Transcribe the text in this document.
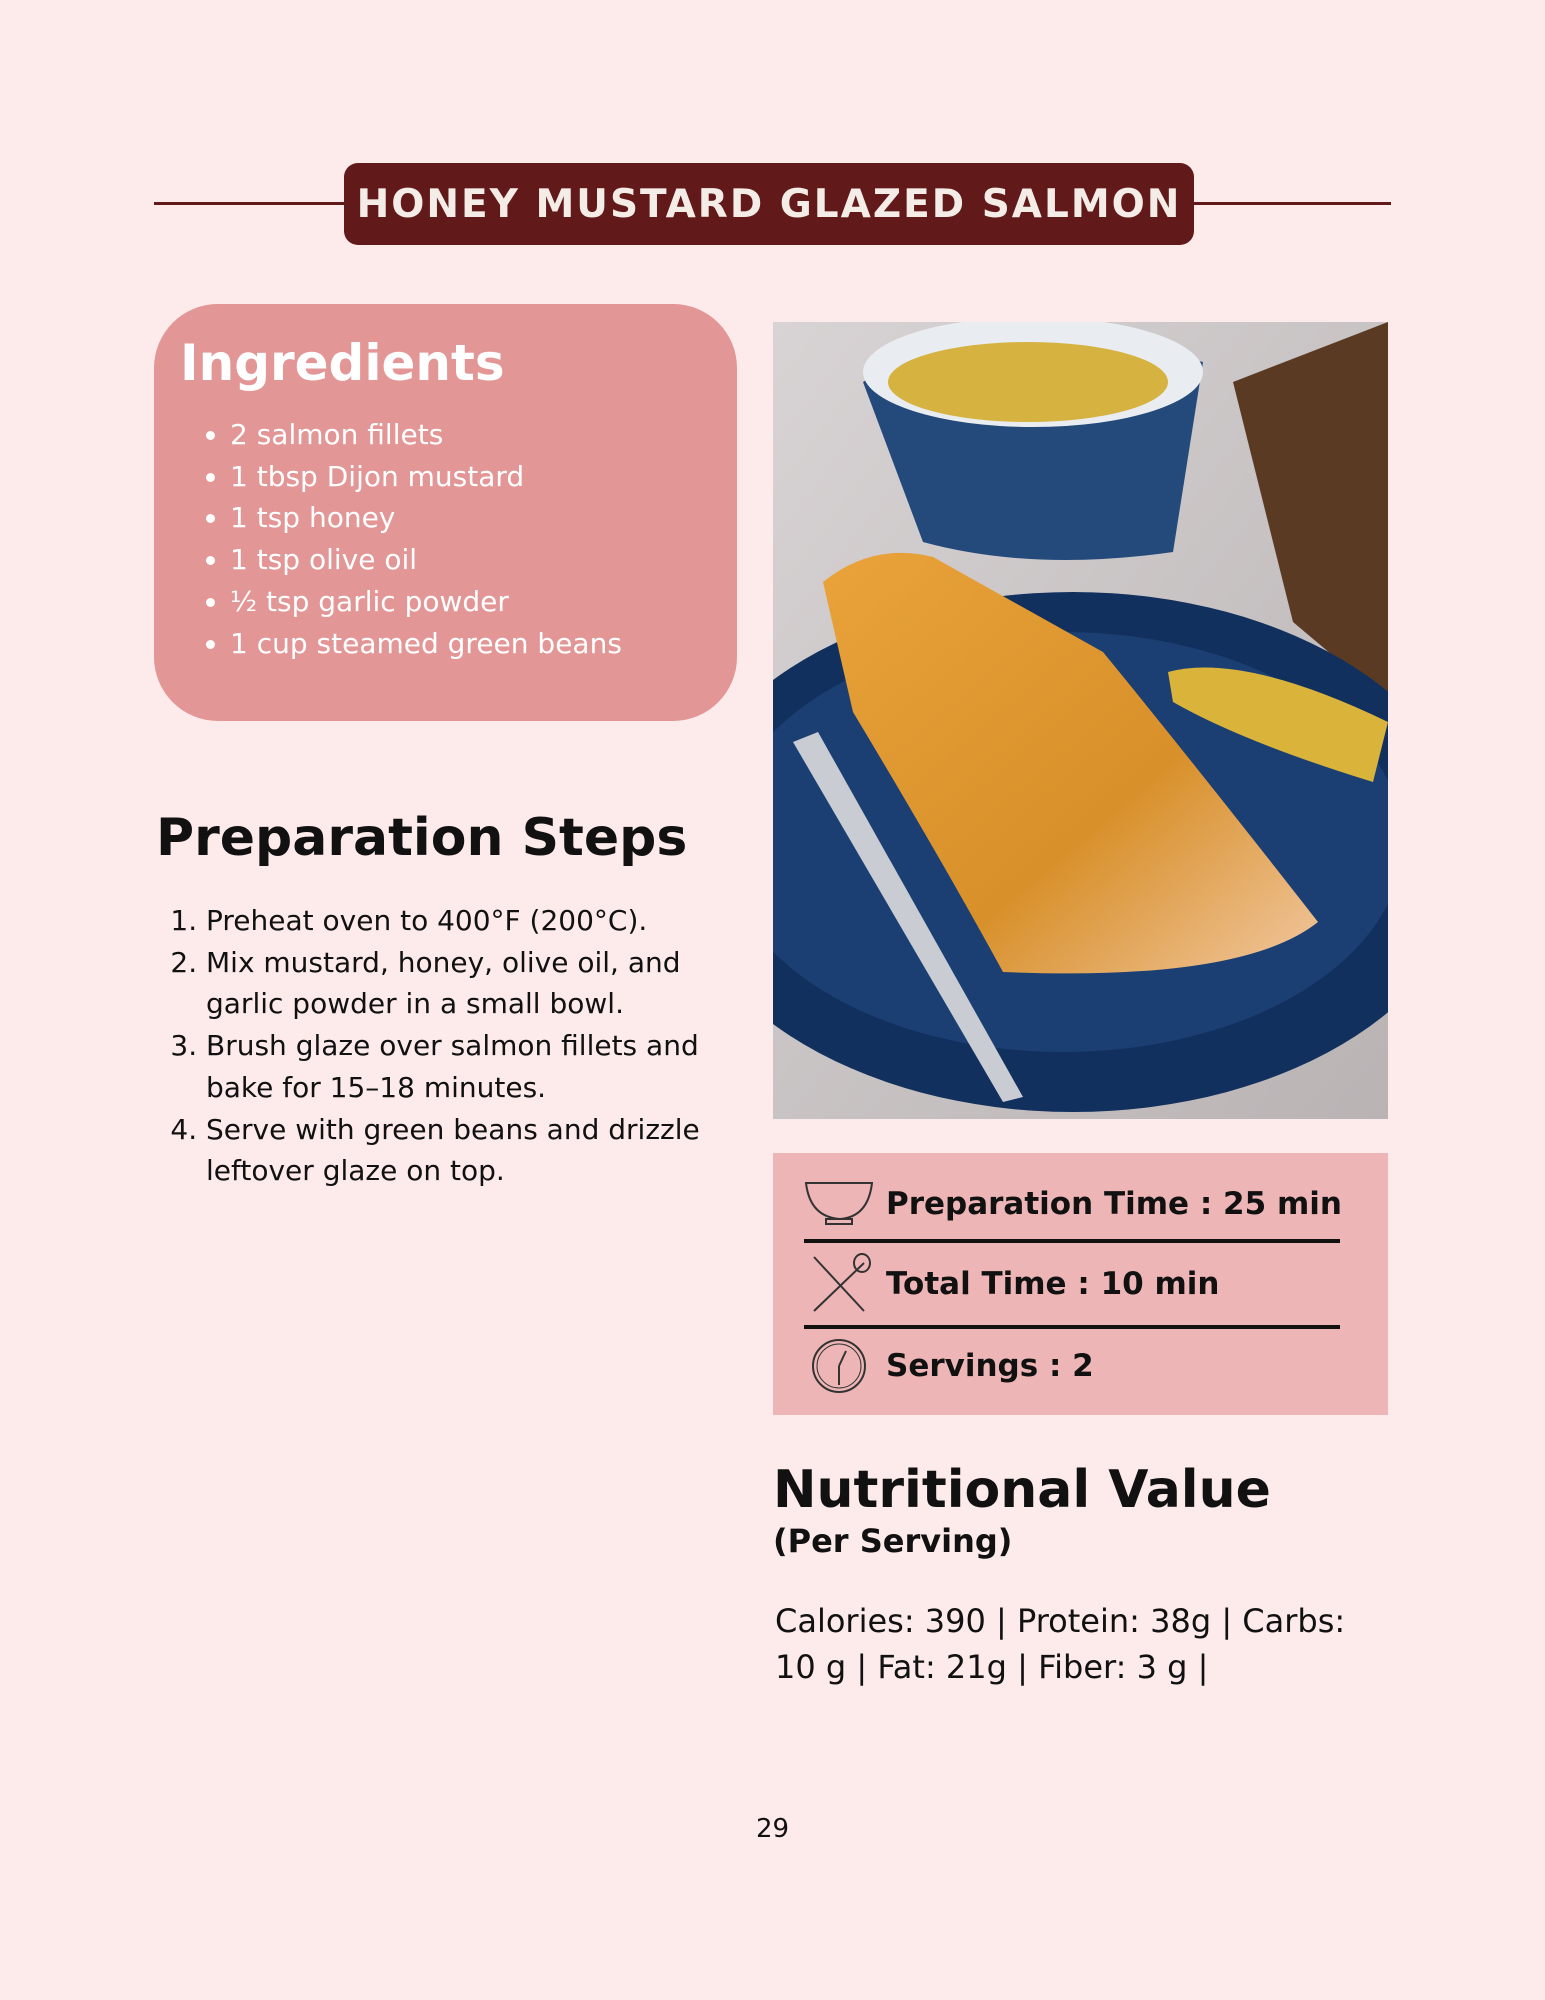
HONEY MUSTARD GLAZED SALMON
Ingredients
• 2 salmon fillets
• 1 tbsp Dijon mustard
• 1 tsp honey
• 1 tsp olive oil
• ½ tsp garlic powder
• 1 cup steamed green beans
Preparation Steps
1. Preheat oven to 400°F (200°C).
2. Mix mustard, honey, olive oil, and garlic powder in a small bowl.
3. Brush glaze over salmon fillets and bake for 15–18 minutes.
4. Serve with green beans and drizzle leftover glaze on top.
Preparation Time : 25 min
Total Time : 10 min
Servings : 2
Nutritional Value
(Per Serving)
Calories: 390 | Protein: 38g | Carbs: 10 g | Fat: 21g | Fiber: 3 g |
29
